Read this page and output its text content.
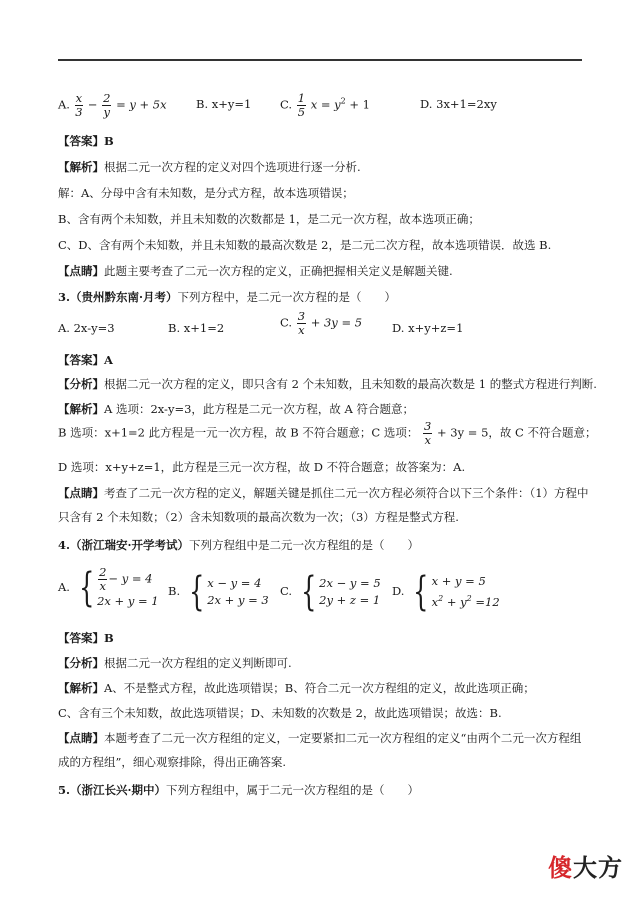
A. $\frac{x}{3} - \frac{2}{y} = y + 5x$	B. x+y=1 C. $\frac{1}{5}$ $x = y^2 + 1$	D. 3x+1=2xy
【答案】B
【解析】根据二元一次方程的定义对四个选项进行逐一分析.
解：A、分母中含有未知数，是分式方程，故本选项错误；
B、含有两个未知数，并且未知数的次数都是 1，是二元一次方程，故本选项正确；
C、D、含有两个未知数，并且未知数的最高次数是 2，是二元二次方程，故本选项错误．故选 B.
【点睛】此题主要考查了二元一次方程的定义，正确把握相关定义是解题关键.
3.（贵州黔东南·月考）下列方程中，是二元一次方程的是（　　）
A. 2x-y=3	B. x+1=2	C. $\frac{3}{x} + 3y = 5$	D. x+y+z=1
【答案】A
【分析】根据二元一次方程的定义，即只含有 2 个未知数，且未知数的最高次数是 1 的整式方程进行判断.
【解析】A 选项：2x-y=3，此方程是二元一次方程，故 A 符合题意；
B 选项：x+1=2 此方程是一元一次方程，故 B 不符合题意；C 选项： $\frac{3}{x} + 3y = 5$，故 C 不符合题意；
D 选项：x+y+z=1，此方程是三元一次方程，故 D 不符合题意；故答案为：A.
【点睛】考查了二元一次方程的定义，解题关键是抓住二元一次方程必须符合以下三个条件：（1）方程中
只含有 2 个未知数；（2）含未知数项的最高次数为一次；（3）方程是整式方程.
4.（浙江瑞安·开学考试）下列方程组中是二元一次方程组的是（　　）
A. { $\frac{2}{x} - y = 4$
2x + y = 1
B. { x − y = 4
2x + y = 3
C. { 2x − y = 5
2y + z = 1
D. { x + y = 5
$x^2 + y^2 =12$
【答案】B
【分析】根据二元一次方程组的定义判断即可.
【解析】A、不是整式方程，故此选项错误；B、符合二元一次方程组的定义，故此选项正确；
C、含有三个未知数，故此选项错误；D、未知数的次数是 2，故此选项错误；故选：B.
【点睛】本题考查了二元一次方程组的定义，一定要紧扣二元一次方程组的定义“由两个二元一次方程组
成的方程组”，细心观察排除，得出正确答案.
5.（浙江长兴·期中）下列方程组中，属于二元一次方程组的是（　　）
傻大方
